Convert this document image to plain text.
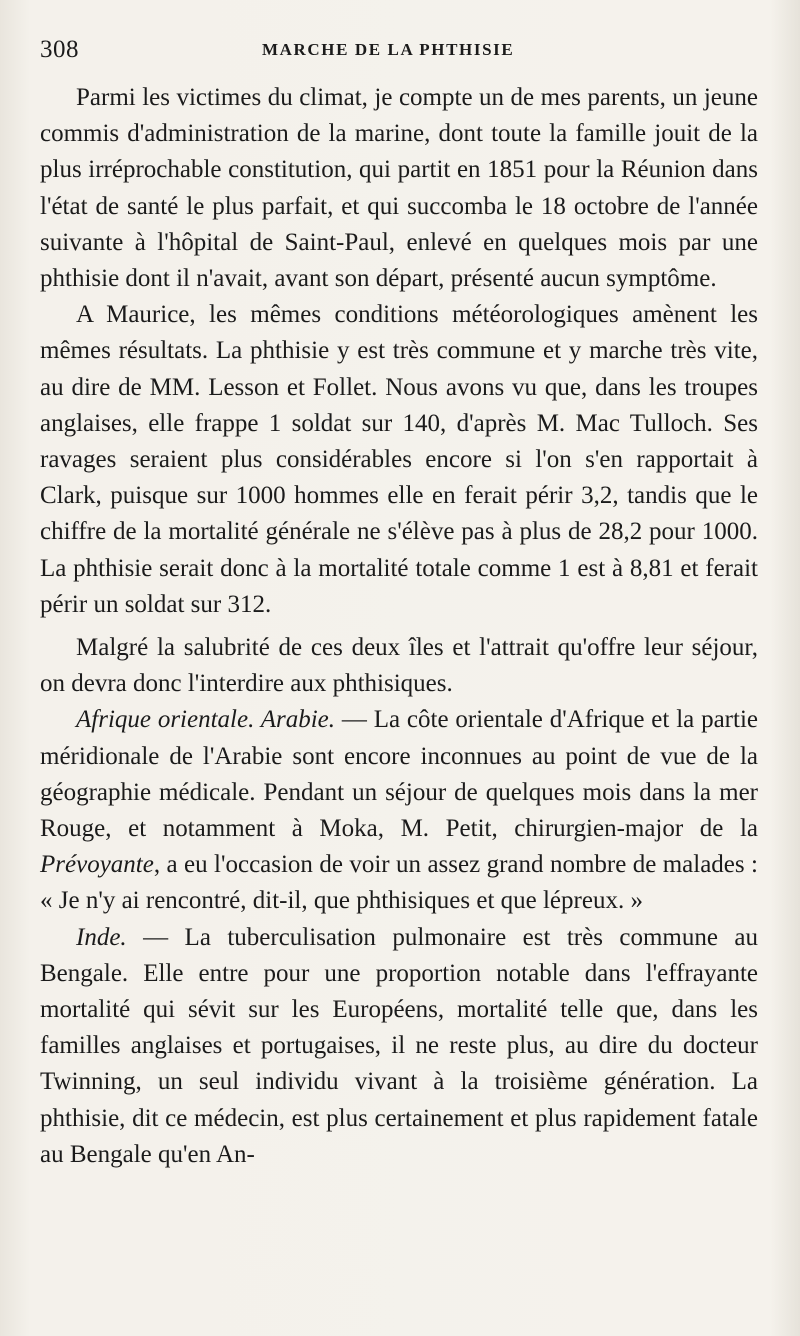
308	MARCHE DE LA PHTHISIE

Parmi les victimes du climat, je compte un de mes parents, un jeune commis d'administration de la marine, dont toute la famille jouit de la plus irréprochable constitution, qui partit en 1851 pour la Réunion dans l'état de santé le plus parfait, et qui succomba le 18 octobre de l'année suivante à l'hôpital de Saint-Paul, enlevé en quelques mois par une phthisie dont il n'avait, avant son départ, présenté aucun symptôme.

A Maurice, les mêmes conditions météorologiques amènent les mêmes résultats. La phthisie y est très commune et y marche très vite, au dire de MM. Lesson et Follet. Nous avons vu que, dans les troupes anglaises, elle frappe 1 soldat sur 140, d'après M. Mac Tulloch. Ses ravages seraient plus considérables encore si l'on s'en rapportait à Clark, puisque sur 1000 hommes elle en ferait périr 3,2, tandis que le chiffre de la mortalité générale ne s'élève pas à plus de 28,2 pour 1000. La phthisie serait donc à la mortalité totale comme 1 est à 8,81 et ferait périr un soldat sur 312.

Malgré la salubrité de ces deux îles et l'attrait qu'offre leur séjour, on devra donc l'interdire aux phthisiques.

Afrique orientale. Arabie. — La côte orientale d'Afrique et la partie méridionale de l'Arabie sont encore inconnues au point de vue de la géographie médicale. Pendant un séjour de quelques mois dans la mer Rouge, et notamment à Moka, M. Petit, chirurgien-major de la Prévoyante, a eu l'occasion de voir un assez grand nombre de malades : « Je n'y ai rencontré, dit-il, que phthisiques et que lépreux. »

Inde. — La tuberculisation pulmonaire est très commune au Bengale. Elle entre pour une proportion notable dans l'effrayante mortalité qui sévit sur les Européens, mortalité telle que, dans les familles anglaises et portugaises, il ne reste plus, au dire du docteur Twinning, un seul individu vivant à la troisième génération. La phthisie, dit ce médecin, est plus certainement et plus rapidement fatale au Bengale qu'en An-
